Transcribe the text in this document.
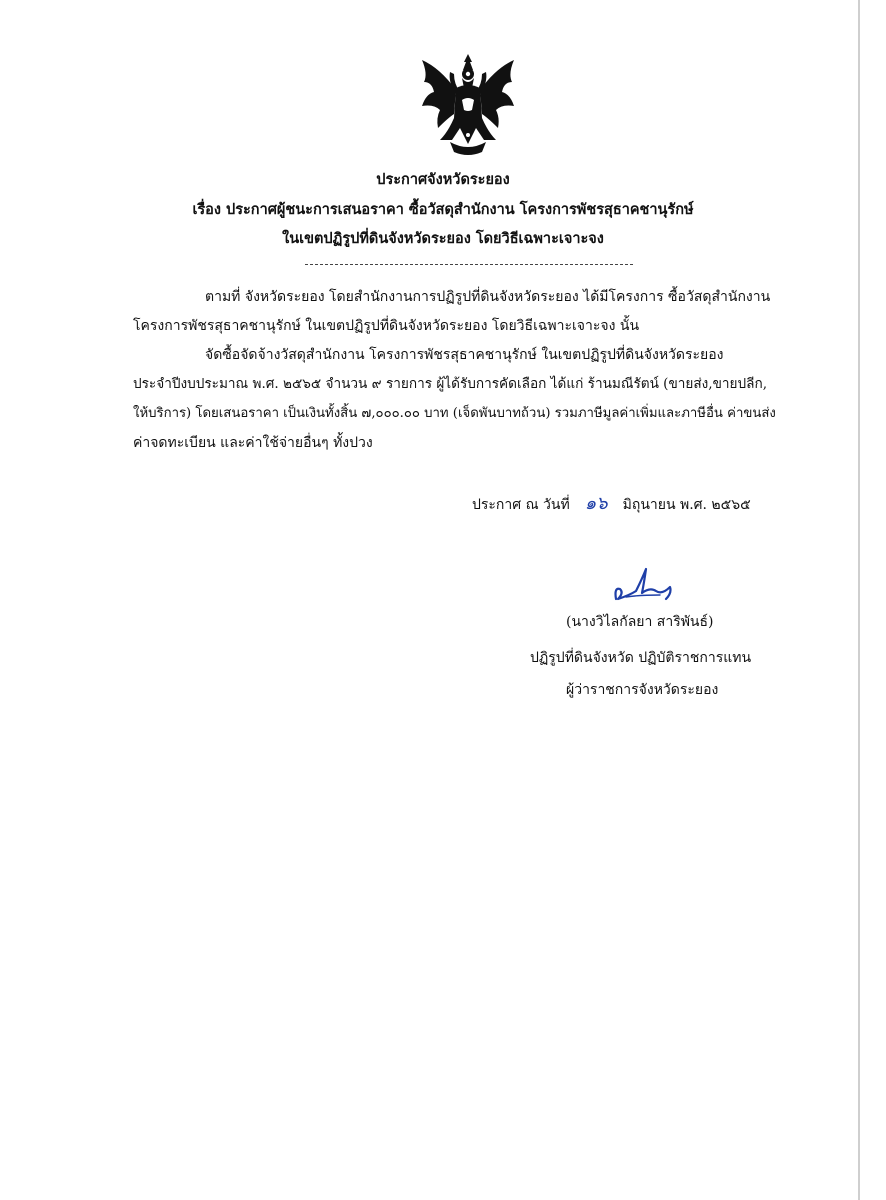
ประกาศจังหวัดระยอง
เรื่อง ประกาศผู้ชนะการเสนอราคา ซื้อวัสดุสำนักงาน โครงการพัชรสุธาคชานุรักษ์
ในเขตปฏิรูปที่ดินจังหวัดระยอง โดยวิธีเฉพาะเจาะจง
ตามที่ จังหวัดระยอง โดยสำนักงานการปฏิรูปที่ดินจังหวัดระยอง ได้มีโครงการ ซื้อวัสดุสำนักงาน
โครงการพัชรสุธาคชานุรักษ์ ในเขตปฏิรูปที่ดินจังหวัดระยอง โดยวิธีเฉพาะเจาะจง นั้น
จัดซื้อจัดจ้างวัสดุสำนักงาน โครงการพัชรสุธาคชานุรักษ์ ในเขตปฏิรูปที่ดินจังหวัดระยอง
ประจำปีงบประมาณ พ.ศ. ๒๕๖๕ จำนวน ๙ รายการ ผู้ได้รับการคัดเลือก ได้แก่ ร้านมณีรัตน์ (ขายส่ง,ขายปลีก,
ให้บริการ) โดยเสนอราคา เป็นเงินทั้งสิ้น ๗,๐๐๐.๐๐ บาท (เจ็ดพันบาทถ้วน) รวมภาษีมูลค่าเพิ่มและภาษีอื่น ค่าขนส่ง
ค่าจดทะเบียน และค่าใช้จ่ายอื่นๆ ทั้งปวง
ประกาศ ณ วันที่ ๑๖ มิถุนายน พ.ศ. ๒๕๖๕
(นางวิไลกัลยา สาริพันธ์)
ปฏิรูปที่ดินจังหวัด ปฏิบัติราชการแทน
ผู้ว่าราชการจังหวัดระยอง
